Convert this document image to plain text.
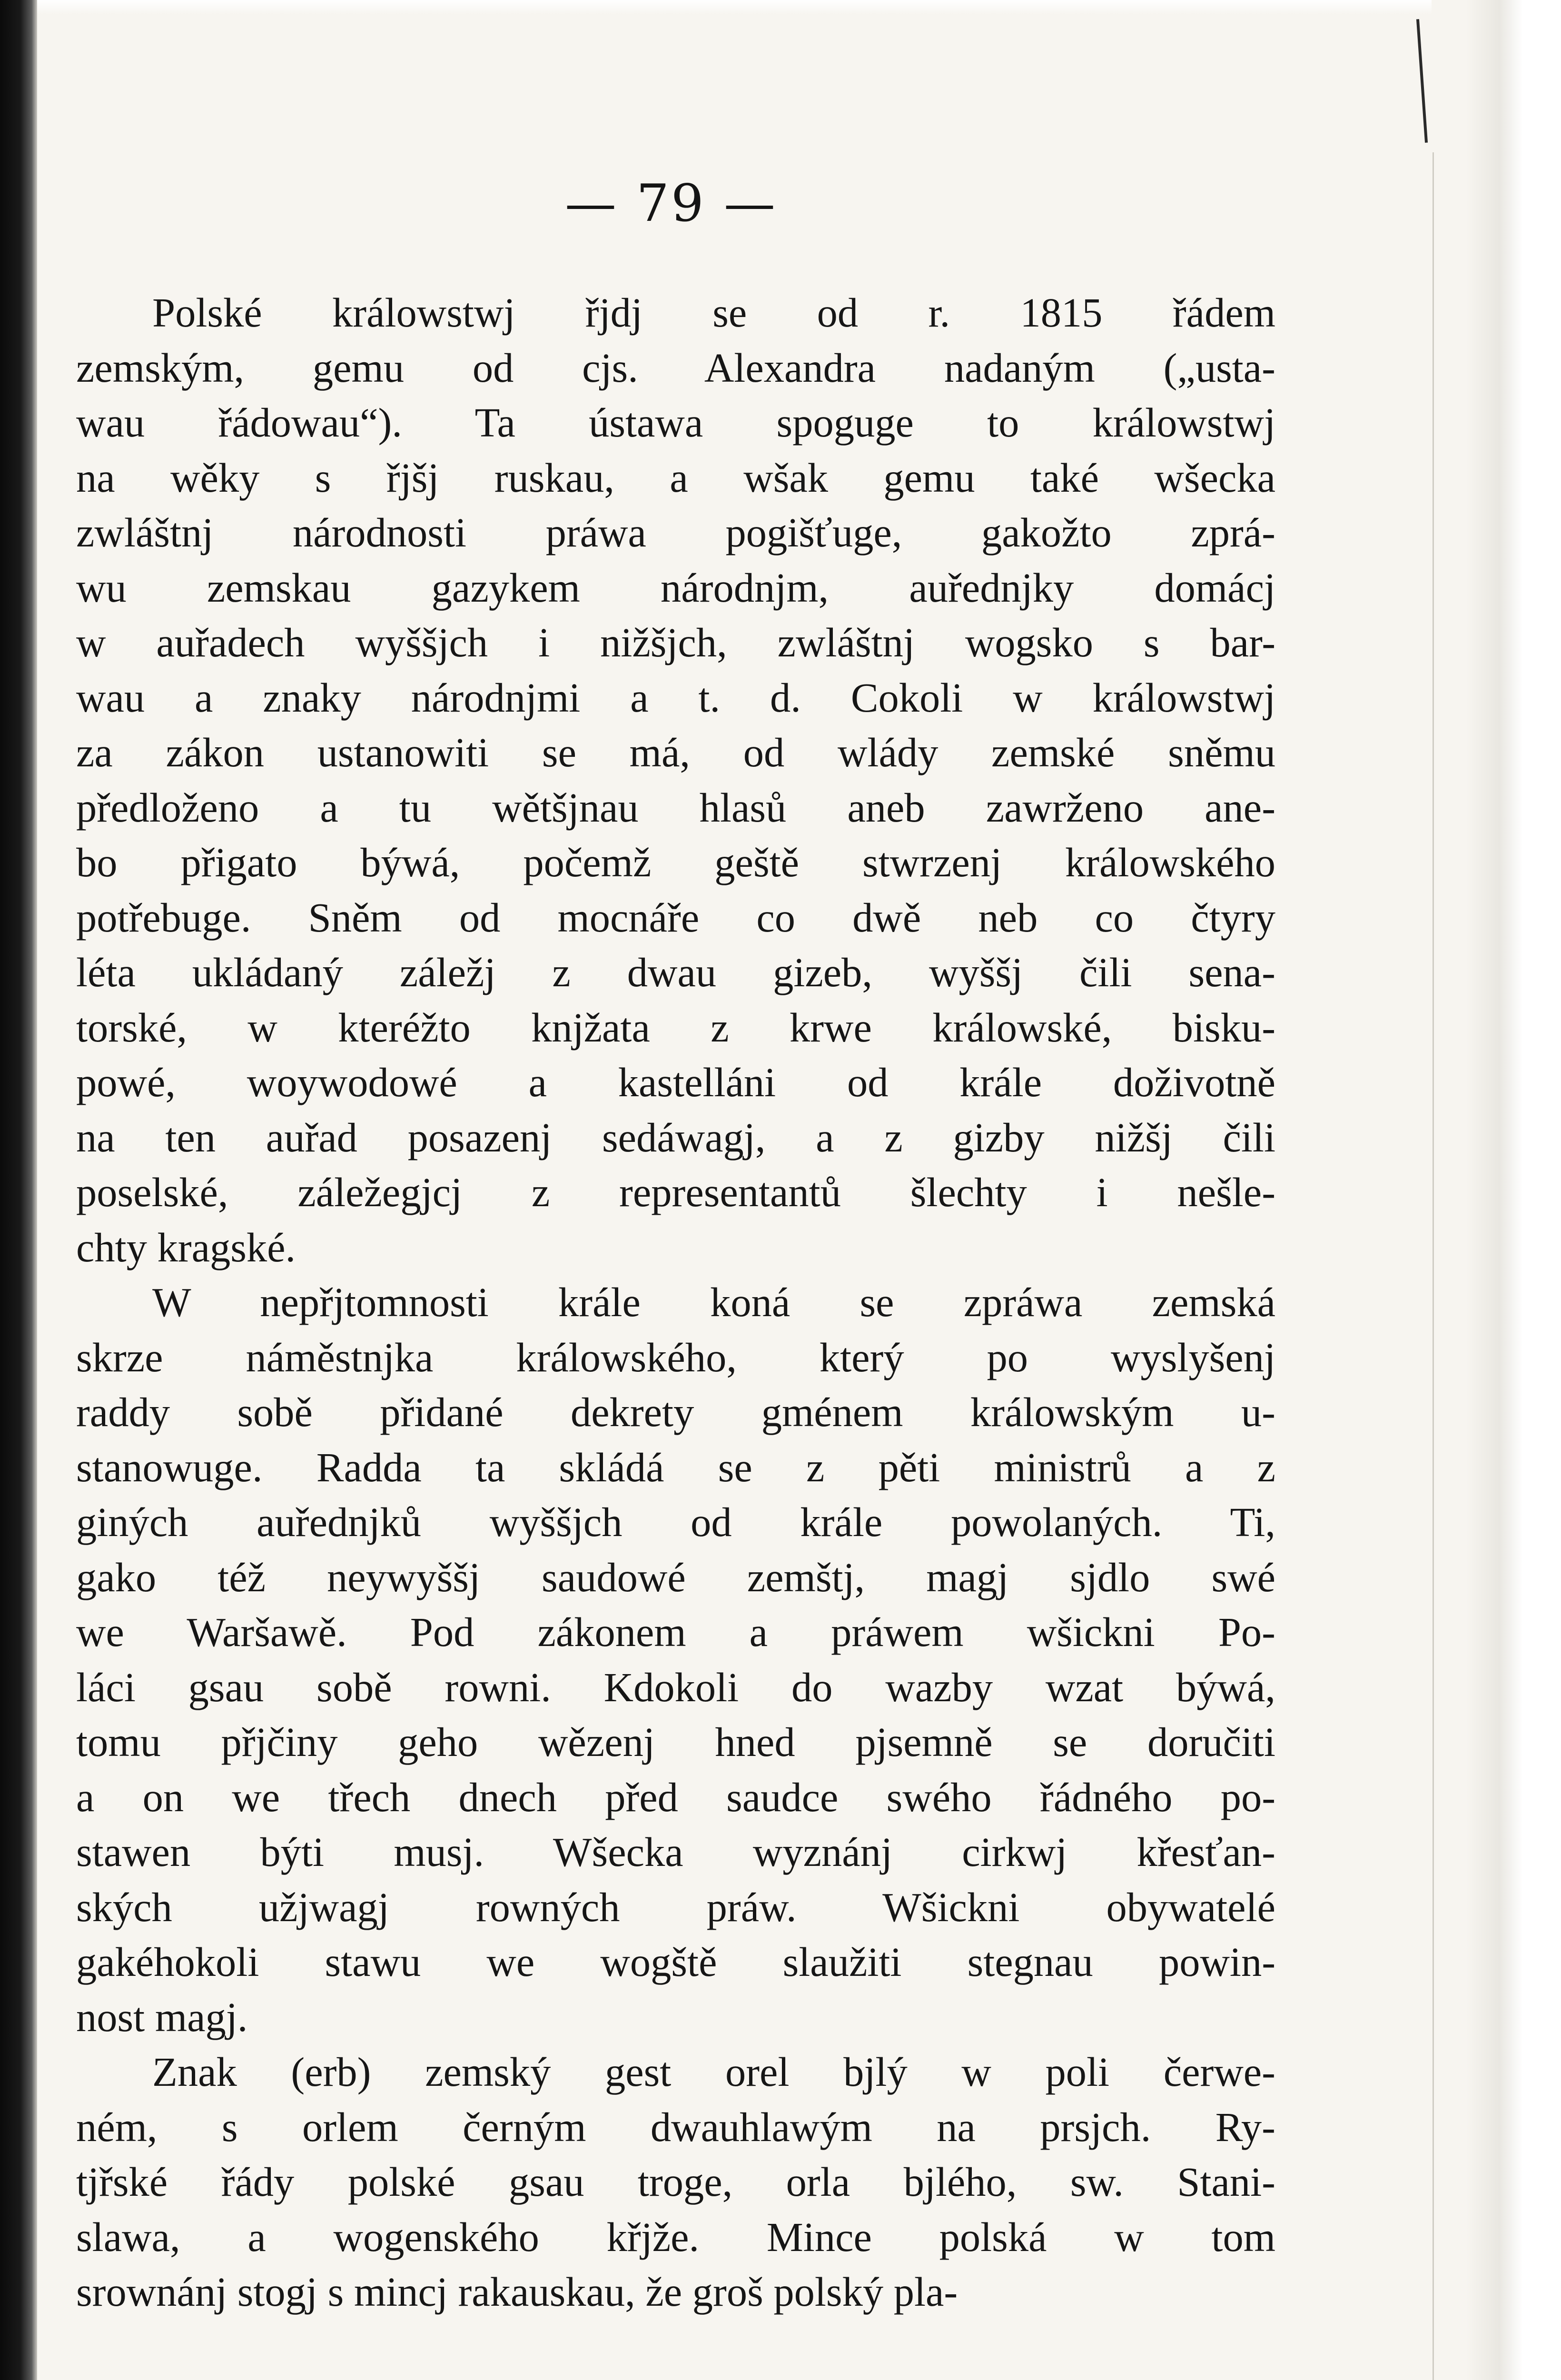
— 79 —
Polské králowstwj řjdj se od r. 1815 řádem
zemským, gemu od cjs. Alexandra nadaným („usta-
wau řádowau“). Ta ústawa spoguge to králowstwj
na wěky s řjšj ruskau, a wšak gemu také wšecka
zwláštnj národnosti práwa pogišťuge, gakožto zprá-
wu zemskau gazykem národnjm, auřednjky domácj
w auřadech wyššjch i nižšjch, zwláštnj wogsko s bar-
wau a znaky národnjmi a t. d. Cokoli w králowstwj
za zákon ustanowiti se má, od wlády zemské sněmu
předloženo a tu wětšjnau hlasů aneb zawrženo ane-
bo přigato býwá, počemž geště stwrzenj králowského
potřebuge. Sněm od mocnáře co dwě neb co čtyry
léta ukládaný záležj z dwau gizeb, wyššj čili sena-
torské, w kteréžto knjžata z krwe králowské, bisku-
powé, woywodowé a kastelláni od krále doživotně
na ten auřad posazenj sedáwagj, a z gizby nižšj čili
poselské, záležegjcj z representantů šlechty i nešle-
chty kragské.
W nepřjtomnosti krále koná se zpráwa zemská
skrze náměstnjka králowského, který po wyslyšenj
raddy sobě přidané dekrety gménem králowským u-
stanowuge. Radda ta skládá se z pěti ministrů a z
giných auřednjků wyššjch od krále powolaných. Ti,
gako též neywyššj saudowé zemštj, magj sjdlo swé
we Waršawě. Pod zákonem a práwem wšickni Po-
láci gsau sobě rowni. Kdokoli do wazby wzat býwá,
tomu přjčiny geho wězenj hned pjsemně se doručiti
a on we třech dnech před saudce swého řádného po-
stawen býti musj. Wšecka wyznánj cirkwj křesťan-
ských užjwagj rowných práw. Wšickni obywatelé
gakéhokoli stawu we wogště slaužiti stegnau powin-
nost magj.
Znak (erb) zemský gest orel bjlý w poli čerwe-
ném, s orlem černým dwauhlawým na prsjch. Ry-
tjřské řády polské gsau troge, orla bjlého, sw. Stani-
slawa, a wogenského křjže. Mince polská w tom
srownánj stogj s mincj rakauskau, že groš polský pla-
